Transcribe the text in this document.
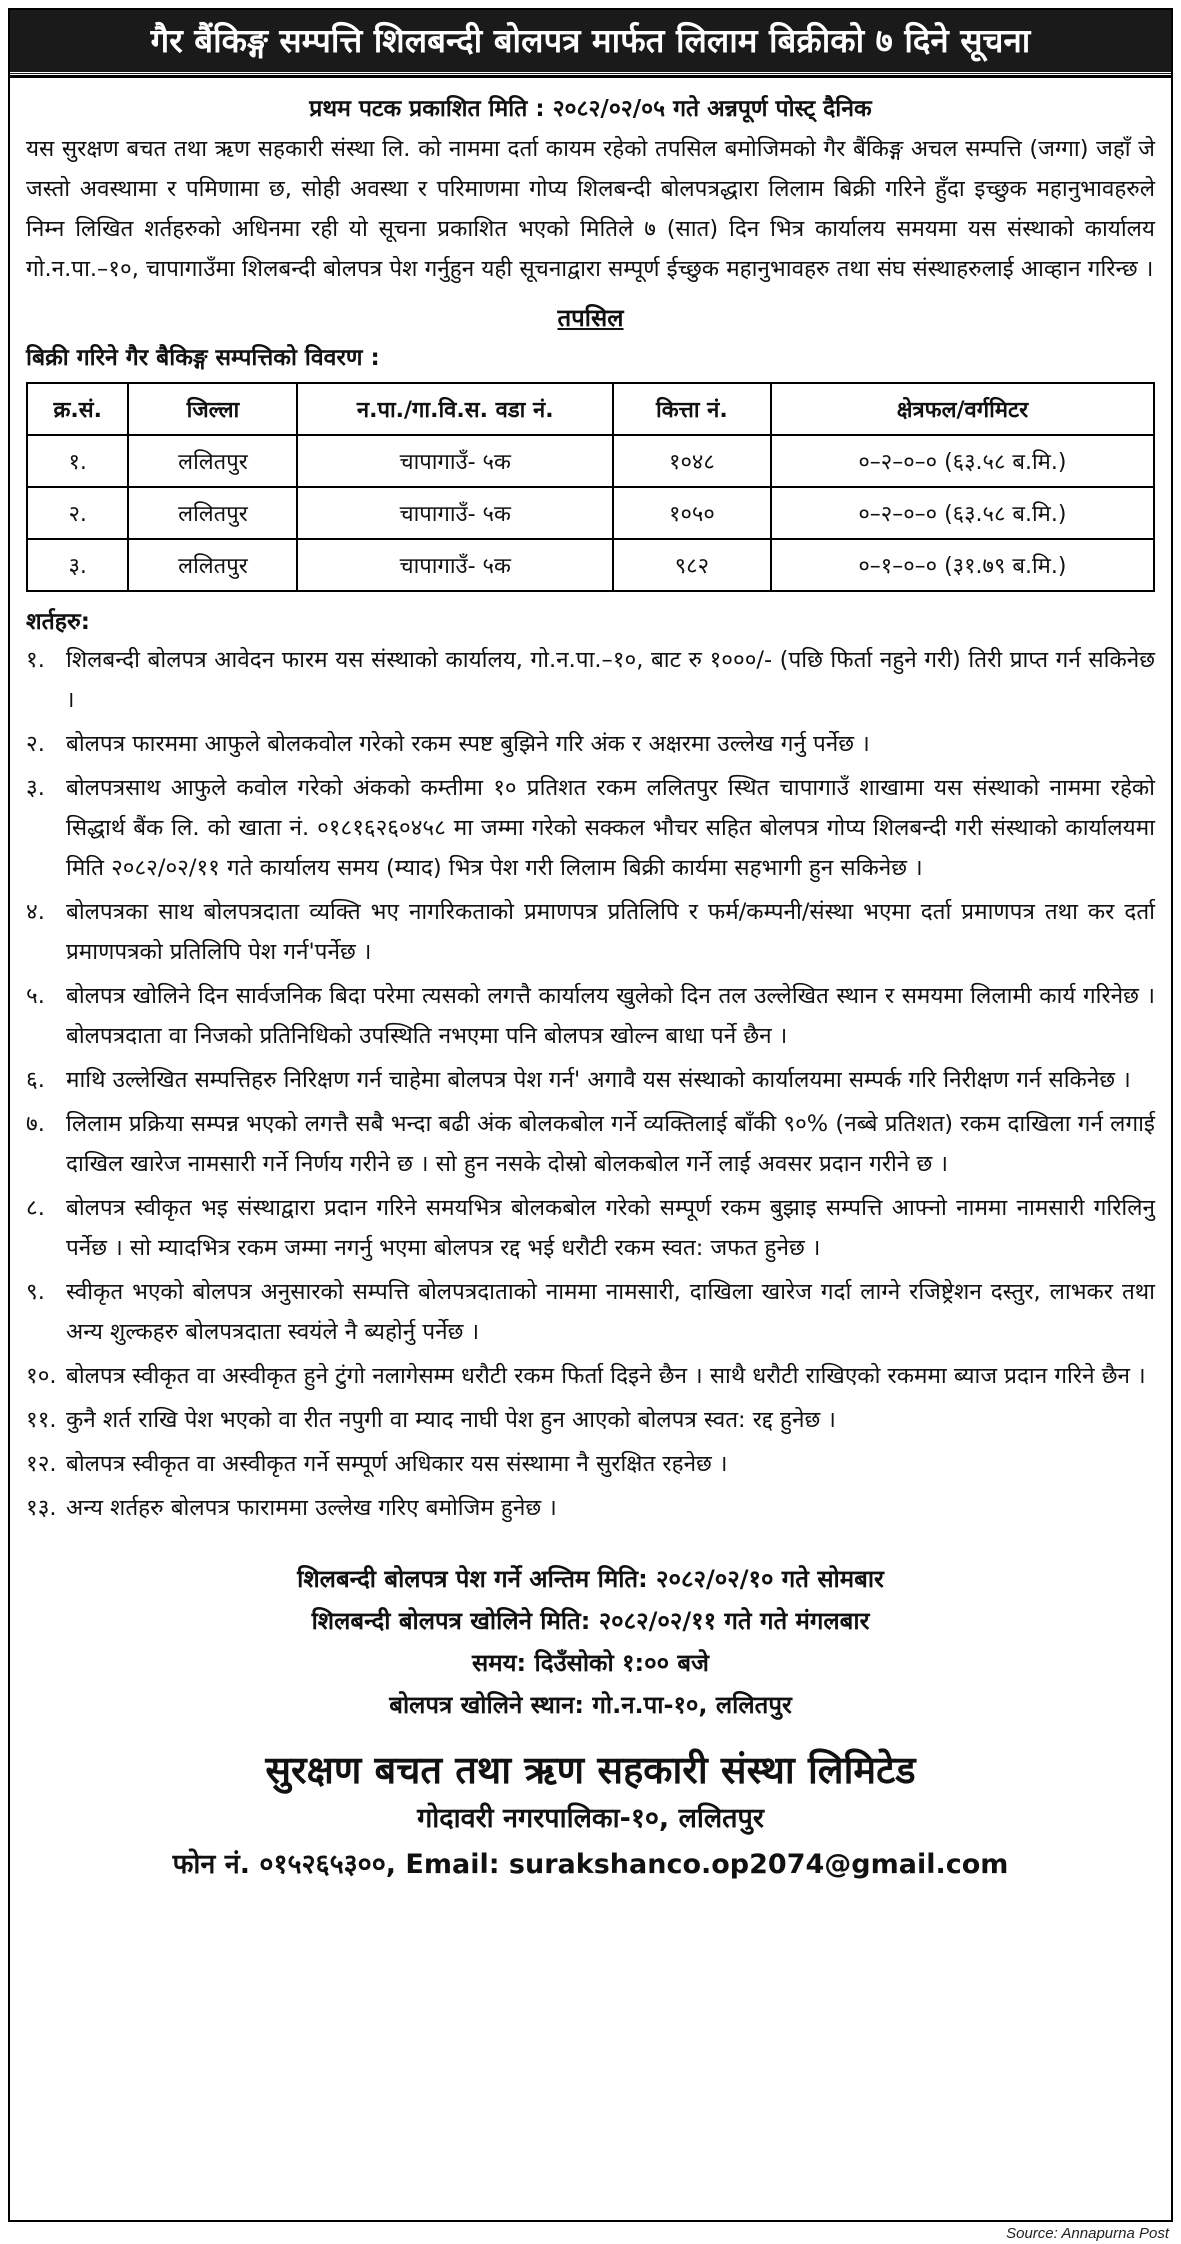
गैर बैंकिङ्ग सम्पत्ति शिलबन्दी बोलपत्र मार्फत लिलाम बिक्रीको ७ दिने सूचना
प्रथम पटक प्रकाशित मिति : २०८२/०२/०५ गते अन्नपूर्ण पोस्ट् दैनिक

यस सुरक्षण बचत तथा ऋण सहकारी संस्था लि. को नाममा दर्ता कायम रहेको तपसिल बमोजिमको गैर बैंकिङ्ग अचल सम्पत्ति (जग्गा) जहाँ जे जस्तो अवस्थामा र पमिणामा छ, सोही अवस्था र परिमाणमा गोप्य शिलबन्दी बोलपत्रद्धारा लिलाम बिक्री गरिने हुँदा इच्छुक महानुभावहरुले निम्न लिखित शर्तहरुको अधिनमा रही यो सूचना प्रकाशित भएको मितिले ७ (सात) दिन भित्र कार्यालय समयमा यस संस्थाको कार्यालय गो.न.पा.–१०, चापागाउँमा शिलबन्दी बोलपत्र पेश गर्नुहुन यही सूचनाद्वारा सम्पूर्ण ईच्छुक महानुभावहरु तथा संघ संस्थाहरुलाई आव्हान गरिन्छ ।

तपसिल
बिक्री गरिने गैर बैकिङ्ग सम्पत्तिको विवरण :
क्र.सं.	जिल्ला	न.पा./गा.वि.स. वडा नं.	कित्ता नं.	क्षेत्रफल/वर्गमिटर
१.	ललितपुर	चापागाउँ- ५क	१०४८	०–२–०–० (६३.५८ ब.मि.)
२.	ललितपुर	चापागाउँ- ५क	१०५०	०–२–०–० (६३.५८ ब.मि.)
३.	ललितपुर	चापागाउँ- ५क	९८२	०–१–०–० (३१.७९ ब.मि.)
शर्तहरु:
१. शिलबन्दी बोलपत्र आवेदन फारम यस संस्थाको कार्यालय, गो.न.पा.–१०, बाट रु १०००/- (पछि फिर्ता नहुने गरी) तिरी प्राप्त गर्न सकिनेछ ।
२. बोलपत्र फारममा आफुले बोलकवोल गरेको रकम स्पष्ट बुझिने गरि अंक र अक्षरमा उल्लेख गर्नु पर्नेछ ।
३. बोलपत्रसाथ आफुले कवोल गरेको अंकको कम्तीमा १० प्रतिशत रकम ललितपुर स्थित चापागाउँ शाखामा यस संस्थाको नाममा रहेको सिद्धार्थ बैंक लि. को खाता नं. ०१८१६२६०४५८ मा जम्मा गरेको सक्कल भौचर सहित बोलपत्र गोप्य शिलबन्दी गरी संस्थाको कार्यालयमा मिति २०८२/०२/११ गते कार्यालय समय (म्याद) भित्र पेश गरी लिलाम बिक्री कार्यमा सहभागी हुन सकिनेछ ।
४. बोलपत्रका साथ बोलपत्रदाता व्यक्ति भए नागरिकताको प्रमाणपत्र प्रतिलिपि र फर्म/कम्पनी/संस्था भएमा दर्ता प्रमाणपत्र तथा कर दर्ता प्रमाणपत्रको प्रतिलिपि पेश गर्न'पर्नेछ ।
५. बोलपत्र खोलिने दिन सार्वजनिक बिदा परेमा त्यसको लगत्तै कार्यालय खुलेको दिन तल उल्लेखित स्थान र समयमा लिलामी कार्य गरिनेछ । बोलपत्रदाता वा निजको प्रतिनिधिको उपस्थिति नभएमा पनि बोलपत्र खोल्न बाधा पर्ने छैन ।
६. माथि उल्लेखित सम्पत्तिहरु निरिक्षण गर्न चाहेमा बोलपत्र पेश गर्न' अगावै यस संस्थाको कार्यालयमा सम्पर्क गरि निरीक्षण गर्न सकिनेछ ।
७. लिलाम प्रक्रिया सम्पन्न भएको लगत्तै सबै भन्दा बढी अंक बोलकबोल गर्ने व्यक्तिलाई बाँकी ९०% (नब्बे प्रतिशत) रकम दाखिला गर्न लगाई दाखिल खारेज नामसारी गर्ने निर्णय गरीने छ । सो हुन नसके दोस्रो बोलकबोल गर्ने लाई अवसर प्रदान गरीने छ ।
८. बोलपत्र स्वीकृत भइ संस्थाद्वारा प्रदान गरिने समयभित्र बोलकबोल गरेको सम्पूर्ण रकम बुझाइ सम्पत्ति आफ्नो नाममा नामसारी गरिलिनु पर्नेछ । सो म्यादभित्र रकम जम्मा नगर्नु भएमा बोलपत्र रद्द भई धरौटी रकम स्वत: जफत हुनेछ ।
९. स्वीकृत भएको बोलपत्र अनुसारको सम्पत्ति बोलपत्रदाताको नाममा नामसारी, दाखिला खारेज गर्दा लाग्ने रजिष्ट्रेशन दस्तुर, लाभकर तथा अन्य शुल्कहरु बोलपत्रदाता स्वयंले नै ब्यहोर्नु पर्नेछ ।
१०. बोलपत्र स्वीकृत वा अस्वीकृत हुने टुंगो नलागेसम्म धरौटी रकम फिर्ता दिइने छैन । साथै धरौटी राखिएको रकममा ब्याज प्रदान गरिने छैन ।
११. कुनै शर्त राखि पेश भएको वा रीत नपुगी वा म्याद नाघी पेश हुन आएको बोलपत्र स्वत: रद्द हुनेछ ।
१२. बोलपत्र स्वीकृत वा अस्वीकृत गर्ने सम्पूर्ण अधिकार यस संस्थामा नै सुरक्षित रहनेछ ।
१३. अन्य शर्तहरु बोलपत्र फाराममा उल्लेख गरिए बमोजिम हुनेछ ।
शिलबन्दी बोलपत्र पेश गर्ने अन्तिम मिति: २०८२/०२/१० गते सोमबार
शिलबन्दी बोलपत्र खोलिने मिति: २०८२/०२/११ गते गते मंगलबार
समय: दिउँसोको १:०० बजे
बोलपत्र खोलिने स्थान: गो.न.पा-१०, ललितपुर
सुरक्षण बचत तथा ऋण सहकारी संस्था लिमिटेड
गोदावरी नगरपालिका-१०, ललितपुर
फोन नं. ०१५२६५३००, Email: surakshanco.op2074@gmail.com
Source: Annapurna Post
